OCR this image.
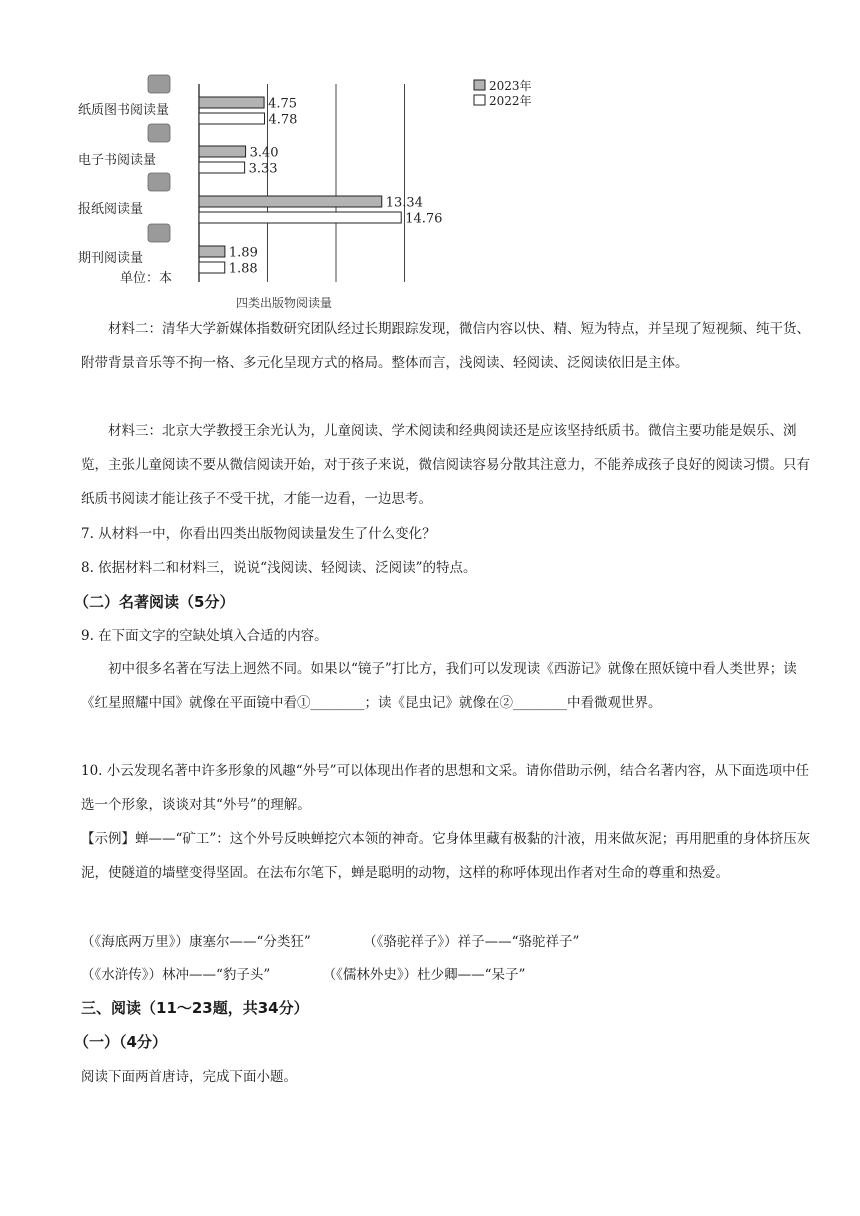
纸质图书阅读量
电子书阅读量
报纸阅读量
期刊阅读量
单位：本
4.75
3.40
13.34
1.89
4.78
3.33
14.76
1.88
2023年
2022年
四类出版物阅读量

材料二：清华大学新媒体指数研究团队经过长期跟踪发现，微信内容以快、精、短为特点，并呈现了短视频、纯干货、附带背景音乐等不拘一格、多元化呈现方式的格局。整体而言，浅阅读、轻阅读、泛阅读依旧是主体。

材料三：北京大学教授王余光认为，儿童阅读、学术阅读和经典阅读还是应该坚持纸质书。微信主要功能是娱乐、浏览，主张儿童阅读不要从微信阅读开始，对于孩子来说，微信阅读容易分散其注意力，不能养成孩子良好的阅读习惯。只有纸质书阅读才能让孩子不受干扰，才能一边看，一边思考。

7. 从材料一中，你看出四类出版物阅读量发生了什么变化？

8. 依据材料二和材料三，说说“浅阅读、轻阅读、泛阅读”的特点。

（二）名著阅读（5分）

9. 在下面文字的空缺处填入合适的内容。

初中很多名著在写法上迥然不同。如果以“镜子”打比方，我们可以发现读《西游记》就像在照妖镜中看人类世界；读《红星照耀中国》就像在平面镜中看①________；读《昆虫记》就像在②________中看微观世界。

10. 小云发现名著中许多形象的风趣“外号”可以体现出作者的思想和文采。请你借助示例，结合名著内容，从下面选项中任选一个形象，谈谈对其“外号”的理解。

【示例】蝉——“矿工”：这个外号反映蝉挖穴本领的神奇。它身体里藏有极黏的汁液，用来做灰泥；再用肥重的身体挤压灰泥，使隧道的墙壁变得坚固。在法布尔笔下，蝉是聪明的动物，这样的称呼体现出作者对生命的尊重和热爱。

（《海底两万里》）康塞尔——“分类狂”	（《骆驼祥子》）祥子——“骆驼祥子”
（《水浒传》）林冲——“豹子头”	（《儒林外史》）杜少卿——“呆子”

三、阅读（11～23题，共34分）

（一）（4分）

阅读下面两首唐诗，完成下面小题。
